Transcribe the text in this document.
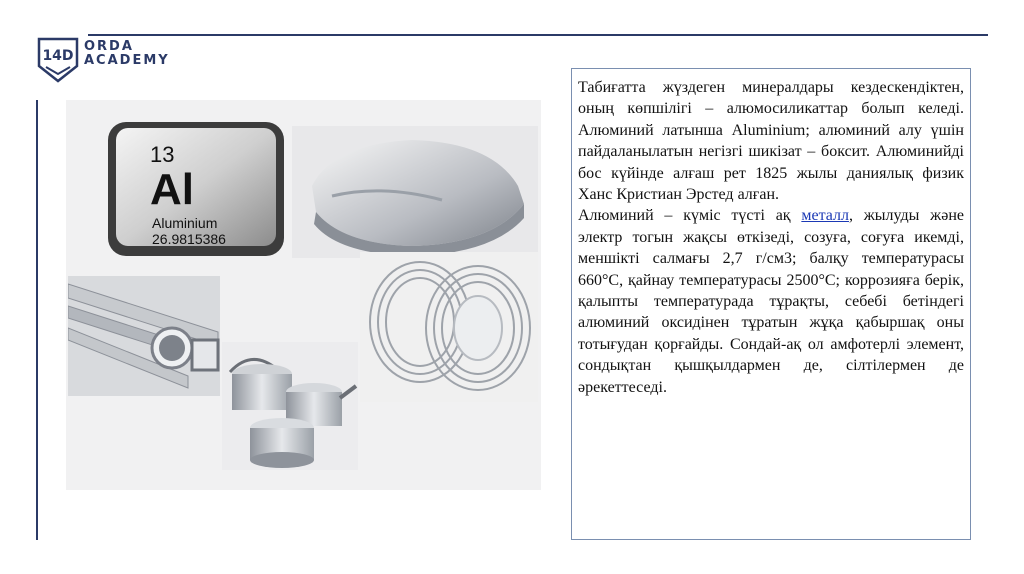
14D
ORDA
ACADEMY
13
Al
Aluminium
26.9815386

Табиғатта жүздеген минералдары кездескендіктен, оның көпшілігі – алюмосиликаттар болып келеді. Алюминий латынша Aluminium; алюминий алу үшін пайдаланылатын негізгі шикізат – боксит. Алюминийді бос күйінде алғаш рет 1825 жылы даниялық физик Ханс Кристиан Эрстед алған.

Алюминий – күміс түсті ақ металл, жылуды және электр тогын жақсы өткізеді, созуға, соғуға икемді, меншікті салмағы 2,7 г/см3; балқу температурасы 660°С, қайнау температурасы 2500°С; коррозияға берік, қалыпты температурада тұрақты, себебі бетіндегі алюминий оксидінен тұратын жұқа қабыршақ оны тотығудан қорғайды. Сондай-ақ ол амфотерлі элемент, сондықтан қышқылдармен де, сілтілермен де әрекеттеседі.
